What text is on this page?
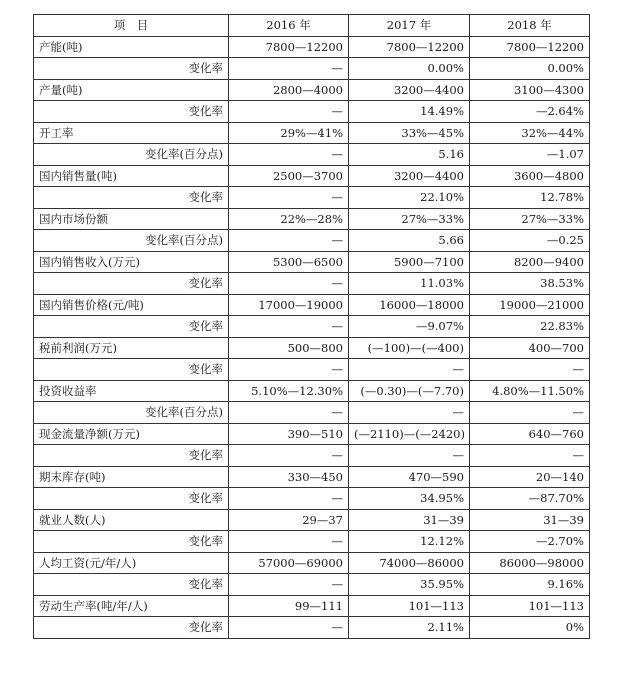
项　目	2016 年	2017 年	2018 年
产能(吨)	7800—12200	7800—12200	7800—12200
变化率	—	0.00%	0.00%
产量(吨)	2800—4000	3200—4400	3100—4300
变化率	—	14.49%	—2.64%
开工率	29%—41%	33%—45%	32%—44%
变化率(百分点)	—	5.16	—1.07
国内销售量(吨)	2500—3700	3200—4400	3600—4800
变化率	—	22.10%	12.78%
国内市场份额	22%—28%	27%—33%	27%—33%
变化率(百分点)	—	5.66	—0.25
国内销售收入(万元)	5300—6500	5900—7100	8200—9400
变化率	—	11.03%	38.53%
国内销售价格(元/吨)	17000—19000	16000—18000	19000—21000
变化率	—	—9.07%	22.83%
税前利润(万元)	500—800	(—100)—(—400)	400—700
变化率	—	—	—
投资收益率	5.10%—12.30%	(—0.30)—(—7.70)	4.80%—11.50%
变化率(百分点)	—	—	—
现金流量净额(万元)	390—510	(—2110)—(—2420)	640—760
变化率	—	—	—
期末库存(吨)	330—450	470—590	20—140
变化率	—	34.95%	—87.70%
就业人数(人)	29—37	31—39	31—39
变化率	—	12.12%	—2.70%
人均工资(元/年/人)	57000—69000	74000—86000	86000—98000
变化率	—	35.95%	9.16%
劳动生产率(吨/年/人)	99—111	101—113	101—113
变化率	—	2.11%	0%
